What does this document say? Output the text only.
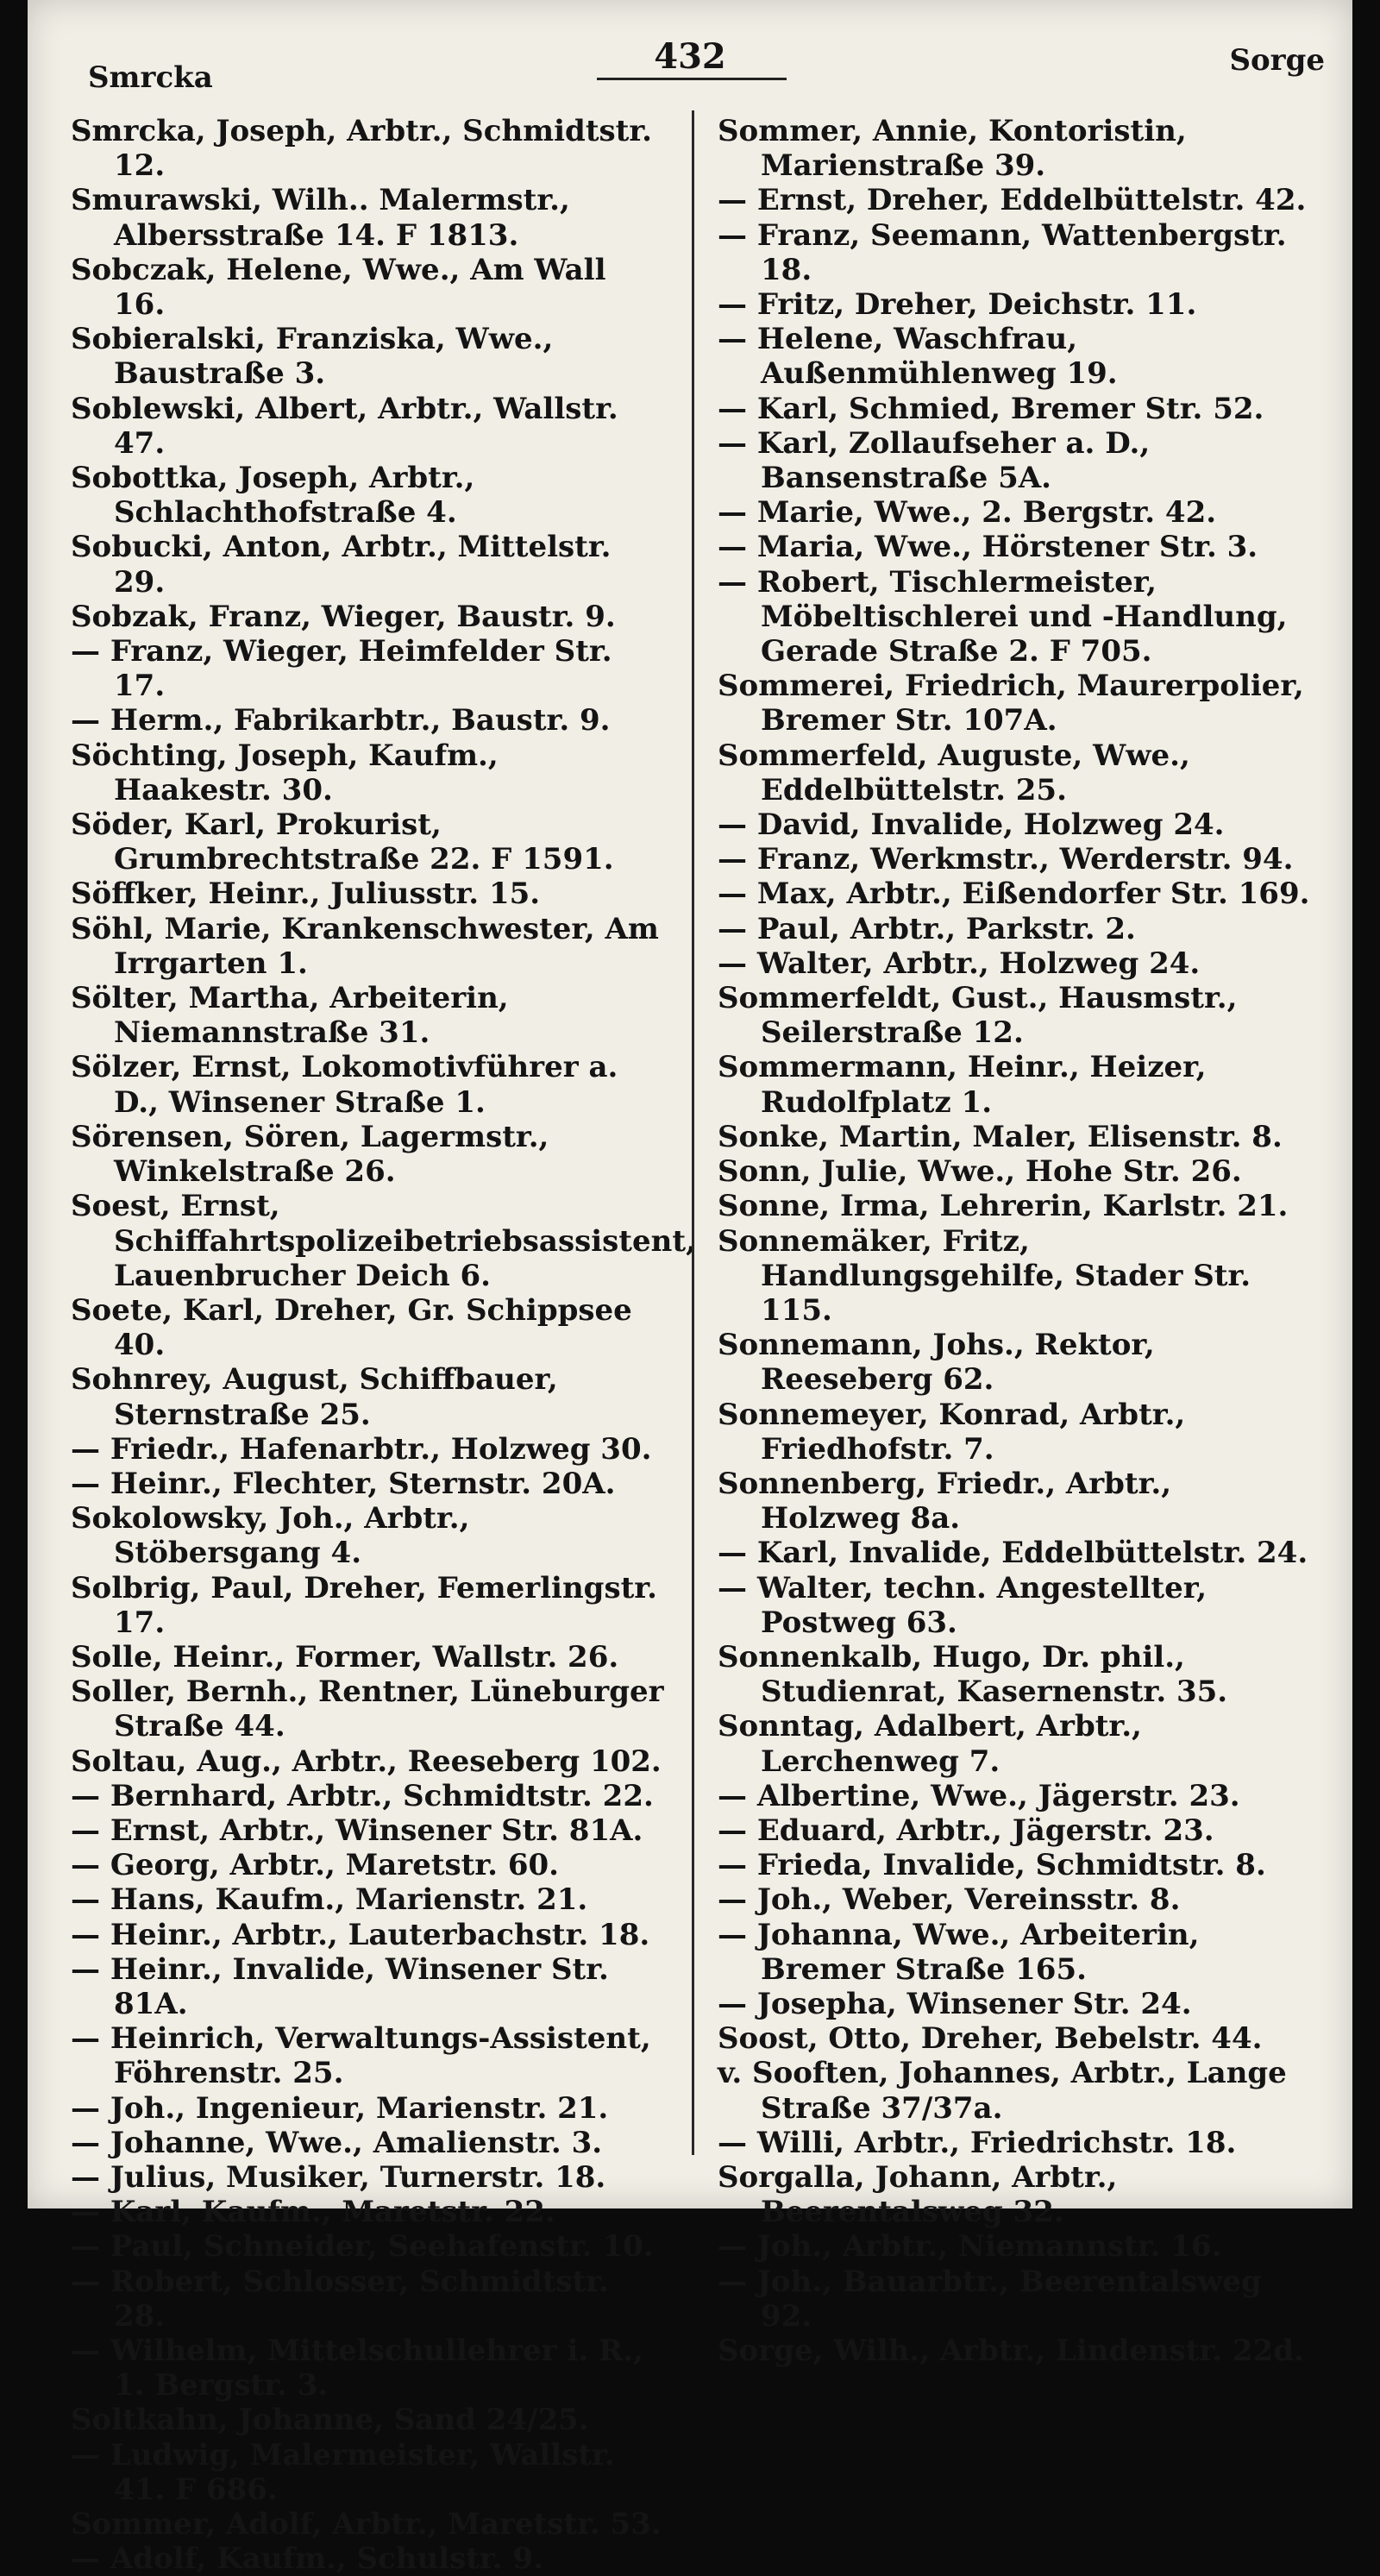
Smrcka
432	Sorge

Smrcka, Joseph, Arbtr., Schmidtstr. 12.

Smurawski, Wilh.. Malermstr., Albersstraße 14. F 1813.

Sobczak, Helene, Wwe., Am Wall 16.

Sobieralski, Franziska, Wwe., Baustraße 3.

Soblewski, Albert, Arbtr., Wallstr. 47.

Sobottka, Joseph, Arbtr., Schlachthofstraße 4.

Sobucki, Anton, Arbtr., Mittelstr. 29.

Sobzak, Franz, Wieger, Baustr. 9.

— Franz, Wieger, Heimfelder Str. 17.

— Herm., Fabrikarbtr., Baustr. 9.

Söchting, Joseph, Kaufm., Haakestr. 30.

Söder, Karl, Prokurist, Grumbrechtstraße 22. F 1591.

Söffker, Heinr., Juliusstr. 15.

Söhl, Marie, Krankenschwester, Am Irrgarten 1.

Sölter, Martha, Arbeiterin, Niemannstraße 31.

Sölzer, Ernst, Lokomotivführer a. D., Winsener Straße 1.

Sörensen, Sören, Lagermstr., Winkelstraße 26.

Soest, Ernst, Schiffahrtspolizeibetriebsassistent, Lauenbrucher Deich 6.

Soete, Karl, Dreher, Gr. Schippsee 40.

Sohnrey, August, Schiffbauer, Sternstraße 25.

— Friedr., Hafenarbtr., Holzweg 30.

— Heinr., Flechter, Sternstr. 20A.

Sokolowsky, Joh., Arbtr., Stöbersgang 4.

Solbrig, Paul, Dreher, Femerlingstr. 17.

Solle, Heinr., Former, Wallstr. 26.

Soller, Bernh., Rentner, Lüneburger Straße 44.

Soltau, Aug., Arbtr., Reeseberg 102.

— Bernhard, Arbtr., Schmidtstr. 22.

— Ernst, Arbtr., Winsener Str. 81A.

— Georg, Arbtr., Maretstr. 60.

— Hans, Kaufm., Marienstr. 21.

— Heinr., Arbtr., Lauterbachstr. 18.

— Heinr., Invalide, Winsener Str. 81A.

— Heinrich, Verwaltungs-Assistent, Föhrenstr. 25.

— Joh., Ingenieur, Marienstr. 21.

— Johanne, Wwe., Amalienstr. 3.

— Julius, Musiker, Turnerstr. 18.

— Karl, Kaufm., Maretstr. 22.

— Paul, Schneider, Seehafenstr. 10.

— Robert, Schlosser, Schmidtstr. 28.

— Wilhelm, Mittelschullehrer i. R., 1. Bergstr. 3.

Soltkahn, Johanne, Sand 24/25.

— Ludwig, Malermeister, Wallstr. 41. F 686.

Sommer, Adolf, Arbtr., Maretstr. 53.

— Adolf, Kaufm., Schulstr. 9.

Sommer, Annie, Kontoristin, Marienstraße 39.

— Ernst, Dreher, Eddelbüttelstr. 42.

— Franz, Seemann, Wattenbergstr. 18.

— Fritz, Dreher, Deichstr. 11.

— Helene, Waschfrau, Außenmühlenweg 19.

— Karl, Schmied, Bremer Str. 52.

— Karl, Zollaufseher a. D., Bansenstraße 5A.

— Marie, Wwe., 2. Bergstr. 42.

— Maria, Wwe., Hörstener Str. 3.

— Robert, Tischlermeister, Möbeltischlerei und -Handlung, Gerade Straße 2. F 705.

Sommerei, Friedrich, Maurerpolier, Bremer Str. 107A.

Sommerfeld, Auguste, Wwe., Eddelbüttelstr. 25.

— David, Invalide, Holzweg 24.

— Franz, Werkmstr., Werderstr. 94.

— Max, Arbtr., Eißendorfer Str. 169.

— Paul, Arbtr., Parkstr. 2.

— Walter, Arbtr., Holzweg 24.

Sommerfeldt, Gust., Hausmstr., Seilerstraße 12.

Sommermann, Heinr., Heizer, Rudolfplatz 1.

Sonke, Martin, Maler, Elisenstr. 8.

Sonn, Julie, Wwe., Hohe Str. 26.

Sonne, Irma, Lehrerin, Karlstr. 21.

Sonnemäker, Fritz, Handlungsgehilfe, Stader Str. 115.

Sonnemann, Johs., Rektor, Reeseberg 62.

Sonnemeyer, Konrad, Arbtr., Friedhofstr. 7.

Sonnenberg, Friedr., Arbtr., Holzweg 8a.

— Karl, Invalide, Eddelbüttelstr. 24.

— Walter, techn. Angestellter, Postweg 63.

Sonnenkalb, Hugo, Dr. phil., Studienrat, Kasernenstr. 35.

Sonntag, Adalbert, Arbtr., Lerchenweg 7.

— Albertine, Wwe., Jägerstr. 23.

— Eduard, Arbtr., Jägerstr. 23.

— Frieda, Invalide, Schmidtstr. 8.

— Joh., Weber, Vereinsstr. 8.

— Johanna, Wwe., Arbeiterin, Bremer Straße 165.

— Josepha, Winsener Str. 24.

Soost, Otto, Dreher, Bebelstr. 44.

v. Sooften, Johannes, Arbtr., Lange Straße 37/37a.

— Willi, Arbtr., Friedrichstr. 18.

Sorgalla, Johann, Arbtr., Beerentalsweg 32.

— Joh., Arbtr., Niemannstr. 16.

— Joh., Bauarbtr., Beerentalsweg 92.

Sorge, Wilh., Arbtr., Lindenstr. 22d.
